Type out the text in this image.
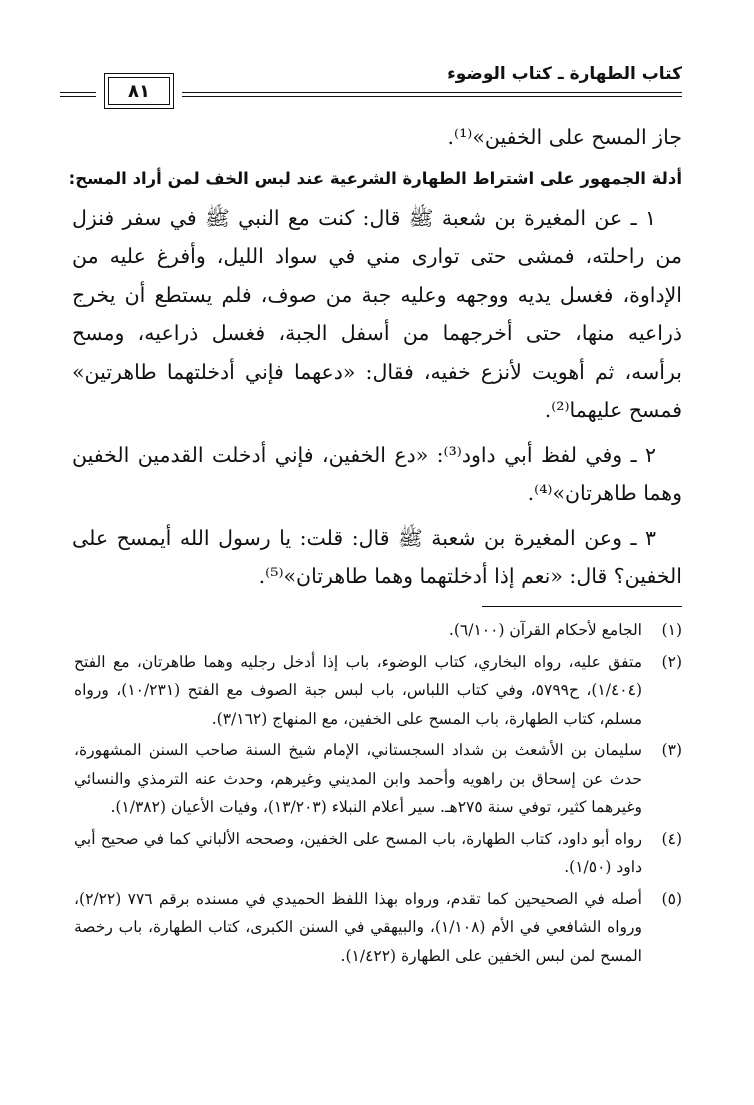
كتاب الطهارة ـ كتاب الوضوء
٨١

جاز المسح على الخفين»⁽¹⁾.

أدلة الجمهور على اشتراط الطهارة الشرعية عند لبس الخف لمن أراد المسح:

١ ـ عن المغيرة بن شعبة ﷺ قال: كنت مع النبي ﷺ في سفر فنزل من راحلته، فمشى حتى توارى مني في سواد الليل، وأفرغ عليه من الإداوة، فغسل يديه ووجهه وعليه جبة من صوف، فلم يستطع أن يخرج ذراعيه منها، حتى أخرجهما من أسفل الجبة، فغسل ذراعيه، ومسح برأسه، ثم أهويت لأنزع خفيه، فقال: «دعهما فإني أدخلتهما طاهرتين» فمسح عليهما⁽²⁾.

٢ ـ وفي لفظ أبي داود⁽³⁾: «دع الخفين، فإني أدخلت القدمين الخفين وهما طاهرتان»⁽⁴⁾.

٣ ـ وعن المغيرة بن شعبة ﷺ قال: قلت: يا رسول الله أيمسح على الخفين؟ قال: «نعم إذا أدخلتهما وهما طاهرتان»⁽⁵⁾.

(١)
الجامع لأحكام القرآن (٦/١٠٠).
(٢)
متفق عليه، رواه البخاري، كتاب الوضوء، باب إذا أدخل رجليه وهما طاهرتان، مع الفتح (١/٤٠٤)، ح٥٧٩٩، وفي كتاب اللباس، باب لبس جبة الصوف مع الفتح (١٠/٢٣١)، ورواه مسلم، كتاب الطهارة، باب المسح على الخفين، مع المنهاج (٣/١٦٢).
(٣)
سليمان بن الأشعث بن شداد السجستاني، الإمام شيخ السنة صاحب السنن المشهورة، حدث عن إسحاق بن راهويه وأحمد وابن المديني وغيرهم، وحدث عنه الترمذي والنسائي وغيرهما كثير، توفي سنة ٢٧٥هـ. سير أعلام النبلاء (١٣/٢٠٣)، وفيات الأعيان (١/٣٨٢).
(٤)
رواه أبو داود، كتاب الطهارة، باب المسح على الخفين، وصححه الألباني كما في صحيح أبي داود (١/٥٠).
(٥)
أصله في الصحيحين كما تقدم، ورواه بهذا اللفظ الحميدي في مسنده برقم ٧٧٦ (٢/٢٢)، ورواه الشافعي في الأم (١/١٠٨)، والبيهقي في السنن الكبرى، كتاب الطهارة، باب رخصة المسح لمن لبس الخفين على الطهارة (١/٤٢٢).
